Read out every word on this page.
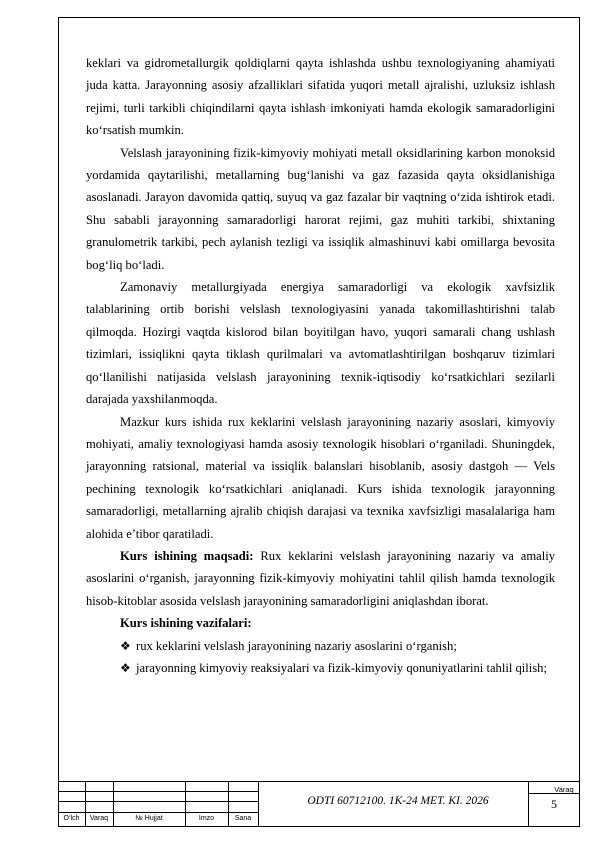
keklari va gidrometallurgik qoldiqlarni qayta ishlashda ushbu texnologiyaning ahamiyati juda katta. Jarayonning asosiy afzalliklari sifatida yuqori metall ajralishi, uzluksiz ishlash rejimi, turli tarkibli chiqindilarni qayta ishlash imkoniyati hamda ekologik samaradorligini ko‘rsatish mumkin.

Velslash jarayonining fizik-kimyoviy mohiyati metall oksidlarining karbon monoksid yordamida qaytarilishi, metallarning bug‘lanishi va gaz fazasida qayta oksidlanishiga asoslanadi. Jarayon davomida qattiq, suyuq va gaz fazalar bir vaqtning o‘zida ishtirok etadi. Shu sababli jarayonning samaradorligi harorat rejimi, gaz muhiti tarkibi, shixtaning granulometrik tarkibi, pech aylanish tezligi va issiqlik almashinuvi kabi omillarga bevosita bog‘liq bo‘ladi.

Zamonaviy metallurgiyada energiya samaradorligi va ekologik xavfsizlik talablarining ortib borishi velslash texnologiyasini yanada takomillashtirishni talab qilmoqda. Hozirgi vaqtda kislorod bilan boyitilgan havo, yuqori samarali chang ushlash tizimlari, issiqlikni qayta tiklash qurilmalari va avtomatlashtirilgan boshqaruv tizimlari qo‘llanilishi natijasida velslash jarayonining texnik-iqtisodiy ko‘rsatkichlari sezilarli darajada yaxshilanmoqda.

Mazkur kurs ishida rux keklarini velslash jarayonining nazariy asoslari, kimyoviy mohiyati, amaliy texnologiyasi hamda asosiy texnologik hisoblari o‘rganiladi. Shuningdek, jarayonning ratsional, material va issiqlik balanslari hisoblanib, asosiy dastgoh — Vels pechining texnologik ko‘rsatkichlari aniqlanadi. Kurs ishida texnologik jarayonning samaradorligi, metallarning ajralib chiqish darajasi va texnika xavfsizligi masalalariga ham alohida e’tibor qaratiladi.

Kurs ishining maqsadi: Rux keklarini velslash jarayonining nazariy va amaliy asoslarini o‘rganish, jarayonning fizik-kimyoviy mohiyatini tahlil qilish hamda texnologik hisob-kitoblar asosida velslash jarayonining samaradorligini aniqlashdan iborat.

Kurs ishining vazifalari:

❖ rux keklarini velslash jarayonining nazariy asoslarini o‘rganish;
❖ jarayonning kimyoviy reaksiyalari va fizik-kimyoviy qonuniyatlarini tahlil qilish;
O‘lch	Varaq	№ Hujjat	Imzo	Sana
ODTI 60712100. 1K-24 MET. KI. 2026
Varaq
5
